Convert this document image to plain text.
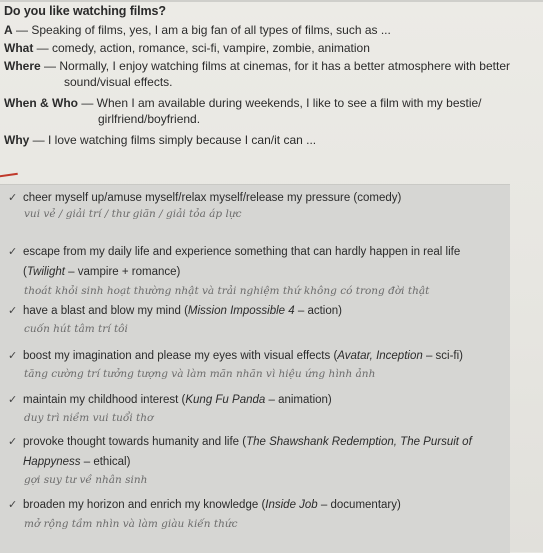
Do you like watching films?
A — Speaking of films, yes, I am a big fan of all types of films, such as ...
What — comedy, action, romance, sci-fi, vampire, zombie, animation
Where — Normally, I enjoy watching films at cinemas, for it has a better atmosphere with better
sound/visual effects.
When & Who — When I am available during weekends, I like to see a film with my bestie/
girlfriend/boyfriend.
Why — I love watching films simply because I can/it can ...
✓ cheer myself up/amuse myself/relax myself/release my pressure (comedy)
vui vẻ / giải trí / thư giãn / giải tỏa áp lực
✓ escape from my daily life and experience something that can hardly happen in real life
(Twilight – vampire + romance)
thoát khỏi sinh hoạt thường nhật và trải nghiệm thứ không có trong đời thật
✓ have a blast and blow my mind (Mission Impossible 4 – action)
cuốn hút tâm trí tôi
✓ boost my imagination and please my eyes with visual effects (Avatar, Inception – sci-fi)
tăng cường trí tưởng tượng và làm mãn nhãn vì hiệu ứng hình ảnh
✓ maintain my childhood interest (Kung Fu Panda – animation)
duy trì niềm vui tuổi thơ
✓ provoke thought towards humanity and life (The Shawshank Redemption, The Pursuit of
Happyness – ethical)
gợi suy tư về nhân sinh
✓ broaden my horizon and enrich my knowledge (Inside Job – documentary)
mở rộng tầm nhìn và làm giàu kiến thức
